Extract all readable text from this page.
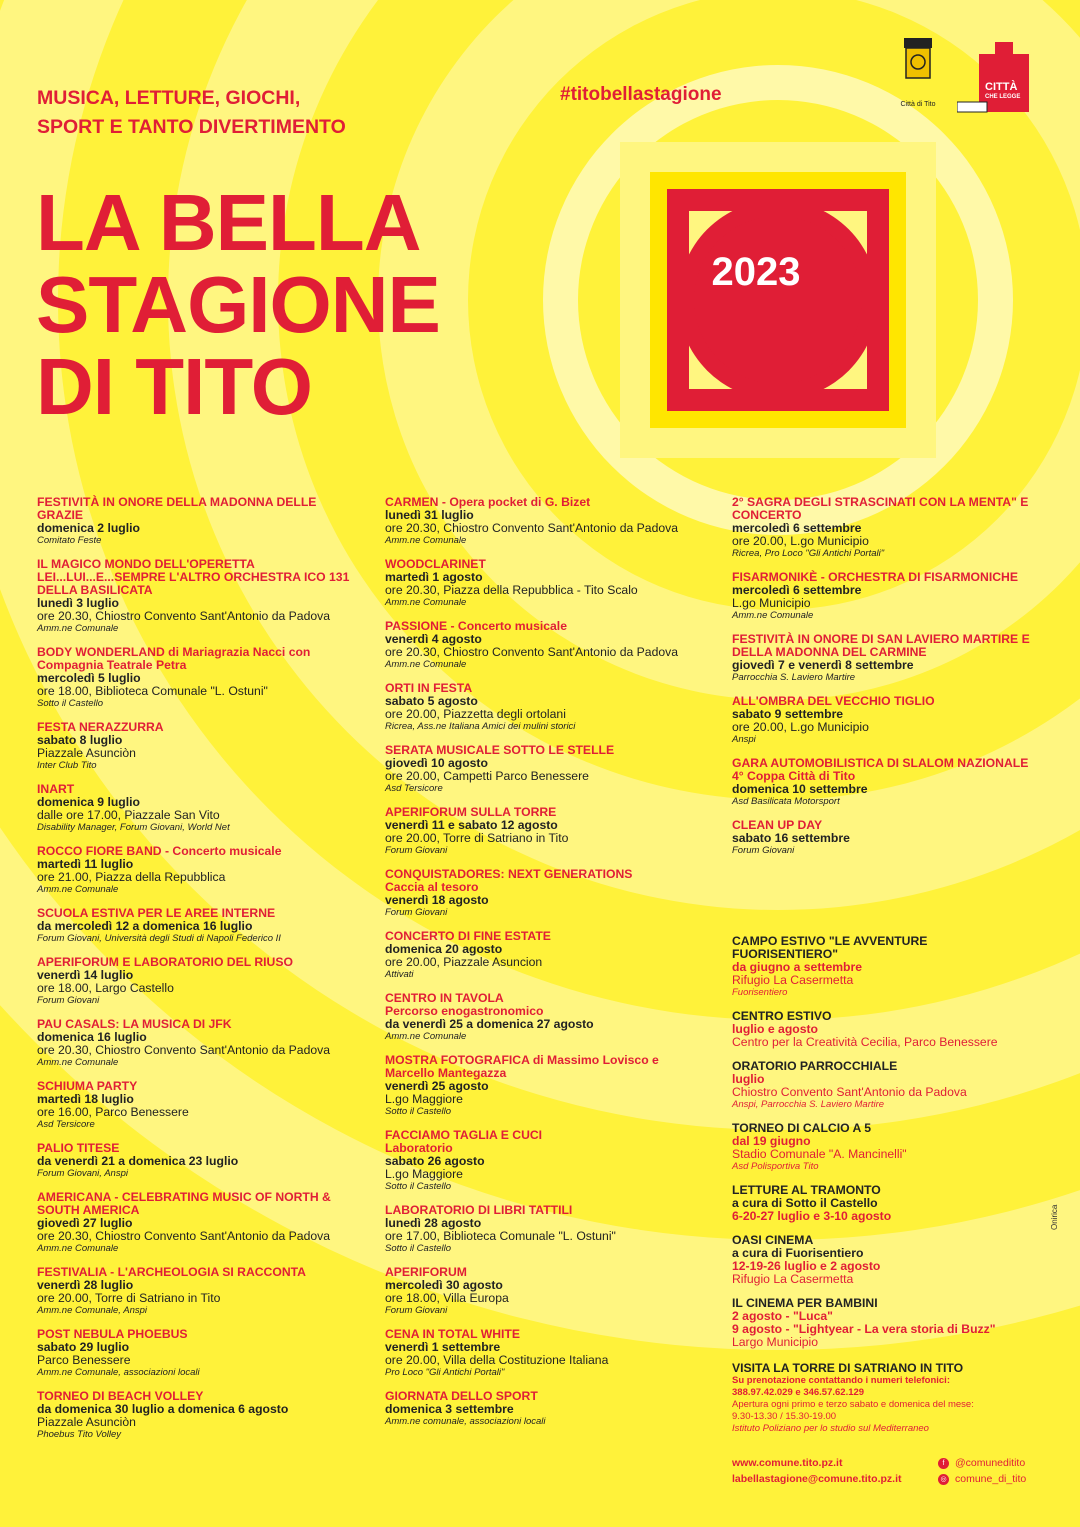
MUSICA, LETTURE, GIOCHI,
SPORT E TANTO DIVERTIMENTO
#titobellastagione	Città di Tito
CITTÀ
CHE LEGGE
LA BELLA
STAGIONE
DI TITO
2023
FESTIVITÀ IN ONORE DELLA MADONNA DELLE GRAZIE
domenica 2 luglio
Comitato Feste
IL MAGICO MONDO DELL'OPERETTA LEI...LUI...E...SEMPRE L'ALTRO ORCHESTRA ICO 131 DELLA BASILICATA
lunedì 3 luglio
ore 20.30, Chiostro Convento Sant'Antonio da Padova
Amm.ne Comunale
BODY WONDERLAND di Mariagrazia Nacci con Compagnia Teatrale Petra
mercoledì 5 luglio
ore 18.00, Biblioteca Comunale "L. Ostuni"
Sotto il Castello
FESTA NERAZZURRA
sabato 8 luglio
Piazzale Asunciòn
Inter Club Tito
INART
domenica 9 luglio
dalle ore 17.00, Piazzale San Vito
Disability Manager, Forum Giovani, World Net
ROCCO FIORE BAND - Concerto musicale
martedì 11 luglio
ore 21.00, Piazza della Repubblica
Amm.ne Comunale
SCUOLA ESTIVA PER LE AREE INTERNE
da mercoledì 12 a domenica 16 luglio
Forum Giovani, Università degli Studi di Napoli Federico II
APERIFORUM E LABORATORIO DEL RIUSO
venerdì 14 luglio
ore 18.00, Largo Castello
Forum Giovani
PAU CASALS: LA MUSICA DI JFK
domenica 16 luglio
ore 20.30, Chiostro Convento Sant'Antonio da Padova
Amm.ne Comunale
SCHIUMA PARTY
martedì 18 luglio
ore 16.00, Parco Benessere
Asd Tersicore
PALIO TITESE
da venerdì 21 a domenica 23 luglio
Forum Giovani, Anspi
AMERICANA - CELEBRATING MUSIC OF NORTH & SOUTH AMERICA
giovedì 27 luglio
ore 20.30, Chiostro Convento Sant'Antonio da Padova
Amm.ne Comunale
FESTIVALIA - L'ARCHEOLOGIA SI RACCONTA
venerdì 28 luglio
ore 20.00, Torre di Satriano in Tito
Amm.ne Comunale, Anspi
POST NEBULA PHOEBUS
sabato 29 luglio
Parco Benessere
Amm.ne Comunale, associazioni locali
TORNEO DI BEACH VOLLEY
da domenica 30 luglio a domenica 6 agosto
Piazzale Asunciòn
Phoebus Tito Volley
CARMEN - Opera pocket di G. Bizet
lunedì 31 luglio
ore 20.30, Chiostro Convento Sant'Antonio da Padova
Amm.ne Comunale
WOODCLARINET
martedì 1 agosto
ore 20.30, Piazza della Repubblica - Tito Scalo
Amm.ne Comunale
PASSIONE - Concerto musicale
venerdì 4 agosto
ore 20.30, Chiostro Convento Sant'Antonio da Padova
Amm.ne Comunale
ORTI IN FESTA
sabato 5 agosto
ore 20.00, Piazzetta degli ortolani
Ricrea, Ass.ne Italiana Amici dei mulini storici
SERATA MUSICALE SOTTO LE STELLE
giovedì 10 agosto
ore 20.00, Campetti Parco Benessere
Asd Tersicore
APERIFORUM SULLA TORRE
venerdì 11 e sabato 12 agosto
ore 20.00, Torre di Satriano in Tito
Forum Giovani
CONQUISTADORES: NEXT GENERATIONS
Caccia al tesoro
venerdì 18 agosto
Forum Giovani
CONCERTO DI FINE ESTATE
domenica 20 agosto
ore 20.00, Piazzale Asuncion
Attivati
CENTRO IN TAVOLA
Percorso enogastronomico
da venerdì 25 a domenica 27 agosto
Amm.ne Comunale
MOSTRA FOTOGRAFICA di Massimo Lovisco e Marcello Mantegazza
venerdì 25 agosto
L.go Maggiore
Sotto il Castello
FACCIAMO TAGLIA E CUCI
Laboratorio
sabato 26 agosto
L.go Maggiore
Sotto il Castello
LABORATORIO DI LIBRI TATTILI
lunedì 28 agosto
ore 17.00, Biblioteca Comunale "L. Ostuni"
Sotto il Castello
APERIFORUM
mercoledì 30 agosto
ore 18.00, Villa Europa
Forum Giovani
CENA IN TOTAL WHITE
venerdì 1 settembre
ore 20.00, Villa della Costituzione Italiana
Pro Loco "Gli Antichi Portali"
GIORNATA DELLO SPORT
domenica 3 settembre
Amm.ne comunale, associazioni locali
2° SAGRA DEGLI STRASCINATI CON LA MENTA" E CONCERTO
mercoledì 6 settembre
ore 20.00, L.go Municipio
Ricrea, Pro Loco "Gli Antichi Portali"
FISARMONIKÈ - ORCHESTRA DI FISARMONICHE
mercoledì 6 settembre
L.go Municipio
Amm.ne Comunale
FESTIVITÀ IN ONORE DI SAN LAVIERO MARTIRE E DELLA MADONNA DEL CARMINE
giovedì 7 e venerdì 8 settembre
Parrocchia S. Laviero Martire
ALL'OMBRA DEL VECCHIO TIGLIO
sabato 9 settembre
ore 20.00, L.go Municipio
Anspi
GARA AUTOMOBILISTICA DI SLALOM NAZIONALE
4° Coppa Città di Tito
domenica 10 settembre
Asd Basilicata Motorsport
CLEAN UP DAY
sabato 16 settembre
Forum Giovani
CAMPO ESTIVO "LE AVVENTURE FUORISENTIERO"
da giugno a settembre
Rifugio La Casermetta
Fuorisentiero
CENTRO ESTIVO
luglio e agosto
Centro per la Creatività Cecilia, Parco Benessere
ORATORIO PARROCCHIALE
luglio
Chiostro Convento Sant'Antonio da Padova
Anspi, Parrocchia S. Laviero Martire
TORNEO DI CALCIO A 5
dal 19 giugno
Stadio Comunale "A. Mancinelli"
Asd Polisportiva Tito
LETTURE AL TRAMONTO
a cura di Sotto il Castello
6-20-27 luglio e 3-10 agosto
OASI CINEMA
a cura di Fuorisentiero
12-19-26 luglio e 2 agosto
Rifugio La Casermetta
IL CINEMA PER BAMBINI
2 agosto - "Luca"
9 agosto - "Lightyear - La vera storia di Buzz"
Largo Municipio
VISITA LA TORRE DI SATRIANO IN TITO
Su prenotazione contattando i numeri telefonici:
388.97.42.029 e 346.57.62.129
Apertura ogni primo e terzo sabato e domenica del mese:
9.30-13.30 / 15.30-19.00
Istituto Poliziano per lo studio sul Mediterraneo
www.comune.tito.pz.it
labellastagione@comune.tito.pz.it
f @comuneditito
◎ comune_di_tito
Onirica
